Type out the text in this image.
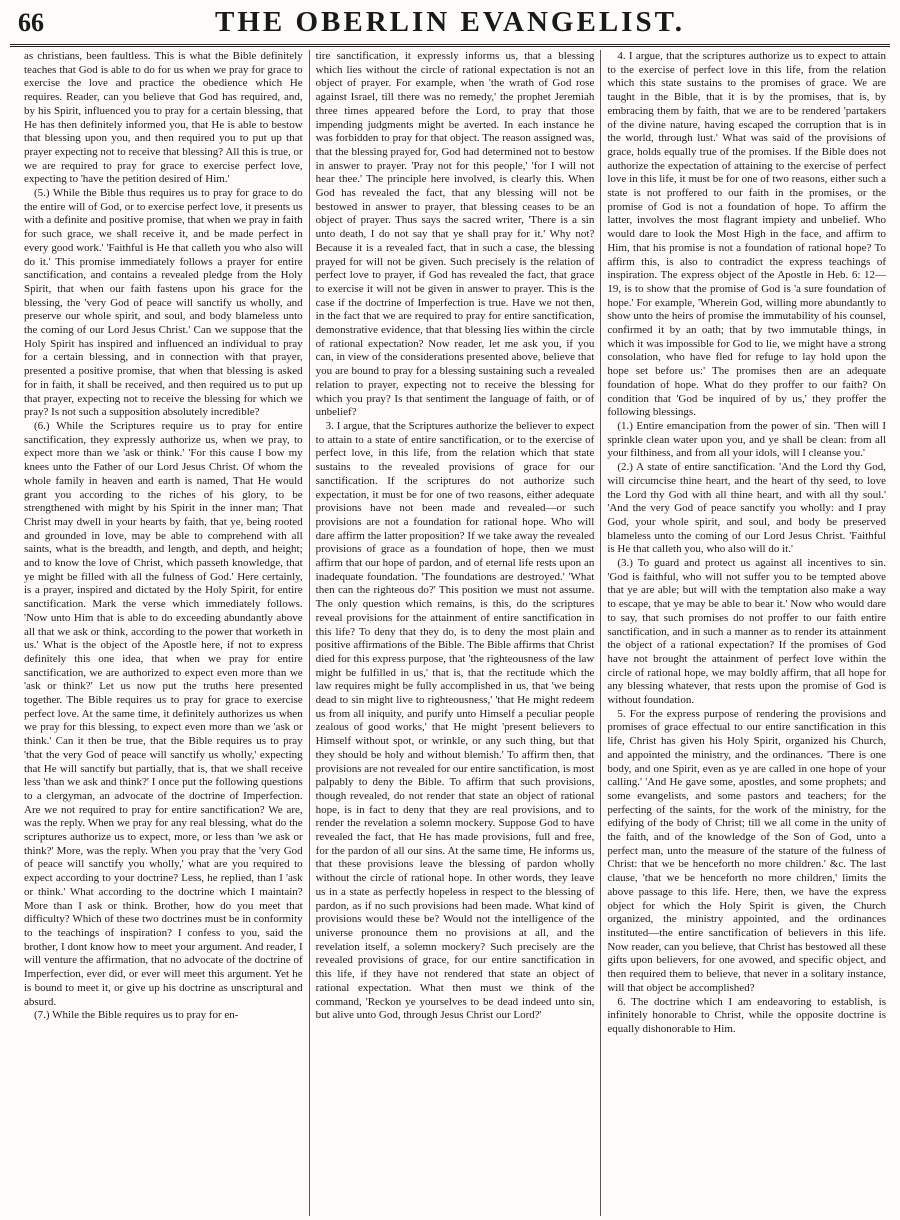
66	THE OBERLIN EVANGELIST.

as christians, been faultless. This is what the Bible definitely teaches that God is able to do for us when we pray for grace to exercise the love and practice the obedience which He requires. Reader, can you believe that God has required, and, by his Spirit, influenced you to pray for a certain blessing, that He has then definitely informed you, that He is able to bestow that blessing upon you, and then required you to put up that prayer expecting not to receive that blessing? All this is true, or we are required to pray for grace to exercise perfect love, expecting to 'have the petition desired of Him.'

(5.) While the Bible thus requires us to pray for grace to do the entire will of God, or to exercise perfect love, it presents us with a definite and positive promise, that when we pray in faith for such grace, we shall receive it, and be made perfect in every good work.' 'Faithful is He that calleth you who also will do it.' This promise immediately follows a prayer for entire sanctification, and contains a revealed pledge from the Holy Spirit, that when our faith fastens upon his grace for the blessing, the 'very God of peace will sanctify us wholly, and preserve our whole spirit, and soul, and body blameless unto the coming of our Lord Jesus Christ.' Can we suppose that the Holy Spirit has inspired and influenced an individual to pray for a certain blessing, and in connection with that prayer, presented a positive promise, that when that blessing is asked for in faith, it shall be received, and then required us to put up that prayer, expecting not to receive the blessing for which we pray? Is not such a supposition absolutely incredible?

(6.) While the Scriptures require us to pray for entire sanctification, they expressly authorize us, when we pray, to expect more than we 'ask or think.' 'For this cause I bow my knees unto the Father of our Lord Jesus Christ. Of whom the whole family in heaven and earth is named, That He would grant you according to the riches of his glory, to be strengthened with might by his Spirit in the inner man; That Christ may dwell in your hearts by faith, that ye, being rooted and grounded in love, may be able to comprehend with all saints, what is the breadth, and length, and depth, and height; and to know the love of Christ, which passeth knowledge, that ye might be filled with all the fulness of God.' Here certainly, is a prayer, inspired and dictated by the Holy Spirit, for entire sanctification. Mark the verse which immediately follows. 'Now unto Him that is able to do exceeding abundantly above all that we ask or think, according to the power that worketh in us.' What is the object of the Apostle here, if not to express definitely this one idea, that when we pray for entire sanctification, we are authorized to expect even more than we 'ask or think?' Let us now put the truths here presented together. The Bible requires us to pray for grace to exercise perfect love. At the same time, it definitely authorizes us when we pray for this blessing, to expect even more than we 'ask or think.' Can it then be true, that the Bible requires us to pray 'that the very God of peace will sanctify us wholly,' expecting that He will sanctify but partially, that is, that we shall receive less 'than we ask and think?' I once put the following questions to a clergyman, an advocate of the doctrine of Imperfection. Are we not required to pray for entire sanctification? We are, was the reply. When we pray for any real blessing, what do the scriptures authorize us to expect, more, or less than 'we ask or think?' More, was the reply. When you pray that the 'very God of peace will sanctify you wholly,' what are you required to expect according to your doctrine? Less, he replied, than I 'ask or think.' What according to the doctrine which I maintain? More than I ask or think. Brother, how do you meet that difficulty? Which of these two doctrines must be in conformity to the teachings of inspiration? I confess to you, said the brother, I dont know how to meet your argument. And reader, I will venture the affirmation, that no advocate of the doctrine of Imperfection, ever did, or ever will meet this argument. Yet he is bound to meet it, or give up his doctrine as unscriptural and absurd.

(7.) While the Bible requires us to pray for en-

tire sanctification, it expressly informs us, that a blessing which lies without the circle of rational expectation is not an object of prayer. For example, when 'the wrath of God rose against Israel, till there was no remedy,' the prophet Jeremiah three times appeared before the Lord, to pray that those impending judgments might be averted. In each instance he was forbidden to pray for that object. The reason assigned was, that the blessing prayed for, God had determined not to bestow in answer to prayer. 'Pray not for this people,' 'for I will not hear thee.' The principle here involved, is clearly this. When God has revealed the fact, that any blessing will not be bestowed in answer to prayer, that blessing ceases to be an object of prayer. Thus says the sacred writer, 'There is a sin unto death, I do not say that ye shall pray for it.' Why not? Because it is a revealed fact, that in such a case, the blessing prayed for will not be given. Such precisely is the relation of perfect love to prayer, if God has revealed the fact, that grace to exercise it will not be given in answer to prayer. This is the case if the doctrine of Imperfection is true. Have we not then, in the fact that we are required to pray for entire sanctification, demonstrative evidence, that that blessing lies within the circle of rational expectation? Now reader, let me ask you, if you can, in view of the considerations presented above, believe that you are bound to pray for a blessing sustaining such a revealed relation to prayer, expecting not to receive the blessing for which you pray? Is that sentiment the language of faith, or of unbelief?

3. I argue, that the Scriptures authorize the believer to expect to attain to a state of entire sanctification, or to the exercise of perfect love, in this life, from the relation which that state sustains to the revealed provisions of grace for our sanctification. If the scriptures do not authorize such expectation, it must be for one of two reasons, either adequate provisions have not been made and revealed—or such provisions are not a foundation for rational hope. Who will dare affirm the latter proposition? If we take away the revealed provisions of grace as a foundation of hope, then we must affirm that our hope of pardon, and of eternal life rests upon an inadequate foundation. 'The foundations are destroyed.' 'What then can the righteous do?' This position we must not assume. The only question which remains, is this, do the scriptures reveal provisions for the attainment of entire sanctification in this life? To deny that they do, is to deny the most plain and positive affirmations of the Bible. The Bible affirms that Christ died for this express purpose, that 'the righteousness of the law might be fulfilled in us,' that is, that the rectitude which the law requires might be fully accomplished in us, that 'we being dead to sin might live to righteousness,' 'that He might redeem us from all iniquity, and purify unto Himself a peculiar people zealous of good works,' that He might 'present believers to Himself without spot, or wrinkle, or any such thing, but that they should be holy and without blemish.' To affirm then, that provisions are not revealed for our entire sanctification, is most palpably to deny the Bible. To affirm that such provisions, though revealed, do not render that state an object of rational hope, is in fact to deny that they are real provisions, and to render the revelation a solemn mockery. Suppose God to have revealed the fact, that He has made provisions, full and free, for the pardon of all our sins. At the same time, He informs us, that these provisions leave the blessing of pardon wholly without the circle of rational hope. In other words, they leave us in a state as perfectly hopeless in respect to the blessing of pardon, as if no such provisions had been made. What kind of provisions would these be? Would not the intelligence of the universe pronounce them no provisions at all, and the revelation itself, a solemn mockery? Such precisely are the revealed provisions of grace, for our entire sanctification in this life, if they have not rendered that state an object of rational expectation. What then must we think of the command, 'Reckon ye yourselves to be dead indeed unto sin, but alive unto God, through Jesus Christ our Lord?'

4. I argue, that the scriptures authorize us to expect to attain to the exercise of perfect love in this life, from the relation which this state sustains to the promises of grace. We are taught in the Bible, that it is by the promises, that is, by embracing them by faith, that we are to be rendered 'partakers of the divine nature, having escaped the corruption that is in the world, through lust.' What was said of the provisions of grace, holds equally true of the promises. If the Bible does not authorize the expectation of attaining to the exercise of perfect love in this life, it must be for one of two reasons, either such a state is not proffered to our faith in the promises, or the promise of God is not a foundation of hope. To affirm the latter, involves the most flagrant impiety and unbelief. Who would dare to look the Most High in the face, and affirm to Him, that his promise is not a foundation of rational hope? To affirm this, is also to contradict the express teachings of inspiration. The express object of the Apostle in Heb. 6: 12—19, is to show that the promise of God is 'a sure foundation of hope.' For example, 'Wherein God, willing more abundantly to show unto the heirs of promise the immutability of his counsel, confirmed it by an oath; that by two immutable things, in which it was impossible for God to lie, we might have a strong consolation, who have fled for refuge to lay hold upon the hope set before us:' The promises then are an adequate foundation of hope. What do they proffer to our faith? On condition that 'God be inquired of by us,' they proffer the following blessings.

(1.) Entire emancipation from the power of sin. 'Then will I sprinkle clean water upon you, and ye shall be clean: from all your filthiness, and from all your idols, will I cleanse you.'

(2.) A state of entire sanctification. 'And the Lord thy God, will circumcise thine heart, and the heart of thy seed, to love the Lord thy God with all thine heart, and with all thy soul.' 'And the very God of peace sanctify you wholly: and I pray God, your whole spirit, and soul, and body be preserved blameless unto the coming of our Lord Jesus Christ. 'Faithful is He that calleth you, who also will do it.'

(3.) To guard and protect us against all incentives to sin. 'God is faithful, who will not suffer you to be tempted above that ye are able; but will with the temptation also make a way to escape, that ye may be able to bear it.' Now who would dare to say, that such promises do not proffer to our faith entire sanctification, and in such a manner as to render its attainment the object of a rational expectation? If the promises of God have not brought the attainment of perfect love within the circle of rational hope, we may boldly affirm, that all hope for any blessing whatever, that rests upon the promise of God is without foundation.

5. For the express purpose of rendering the provisions and promises of grace effectual to our entire sanctification in this life, Christ has given his Holy Spirit, organized his Church, and appointed the ministry, and the ordinances. 'There is one body, and one Spirit, even as ye are called in one hope of your calling.' 'And He gave some, apostles, and some prophets; and some evangelists, and some pastors and teachers; for the perfecting of the saints, for the work of the ministry, for the edifying of the body of Christ; till we all come in the unity of the faith, and of the knowledge of the Son of God, unto a perfect man, unto the measure of the stature of the fulness of Christ: that we be henceforth no more children.' &c. The last clause, 'that we be henceforth no more children,' limits the above passage to this life. Here, then, we have the express object for which the Holy Spirit is given, the Church organized, the ministry appointed, and the ordinances instituted—the entire sanctification of believers in this life. Now reader, can you believe, that Christ has bestowed all these gifts upon believers, for one avowed, and specific object, and then required them to believe, that never in a solitary instance, will that object be accomplished?

6. The doctrine which I am endeavoring to establish, is infinitely honorable to Christ, while the opposite doctrine is equally dishonorable to Him.
